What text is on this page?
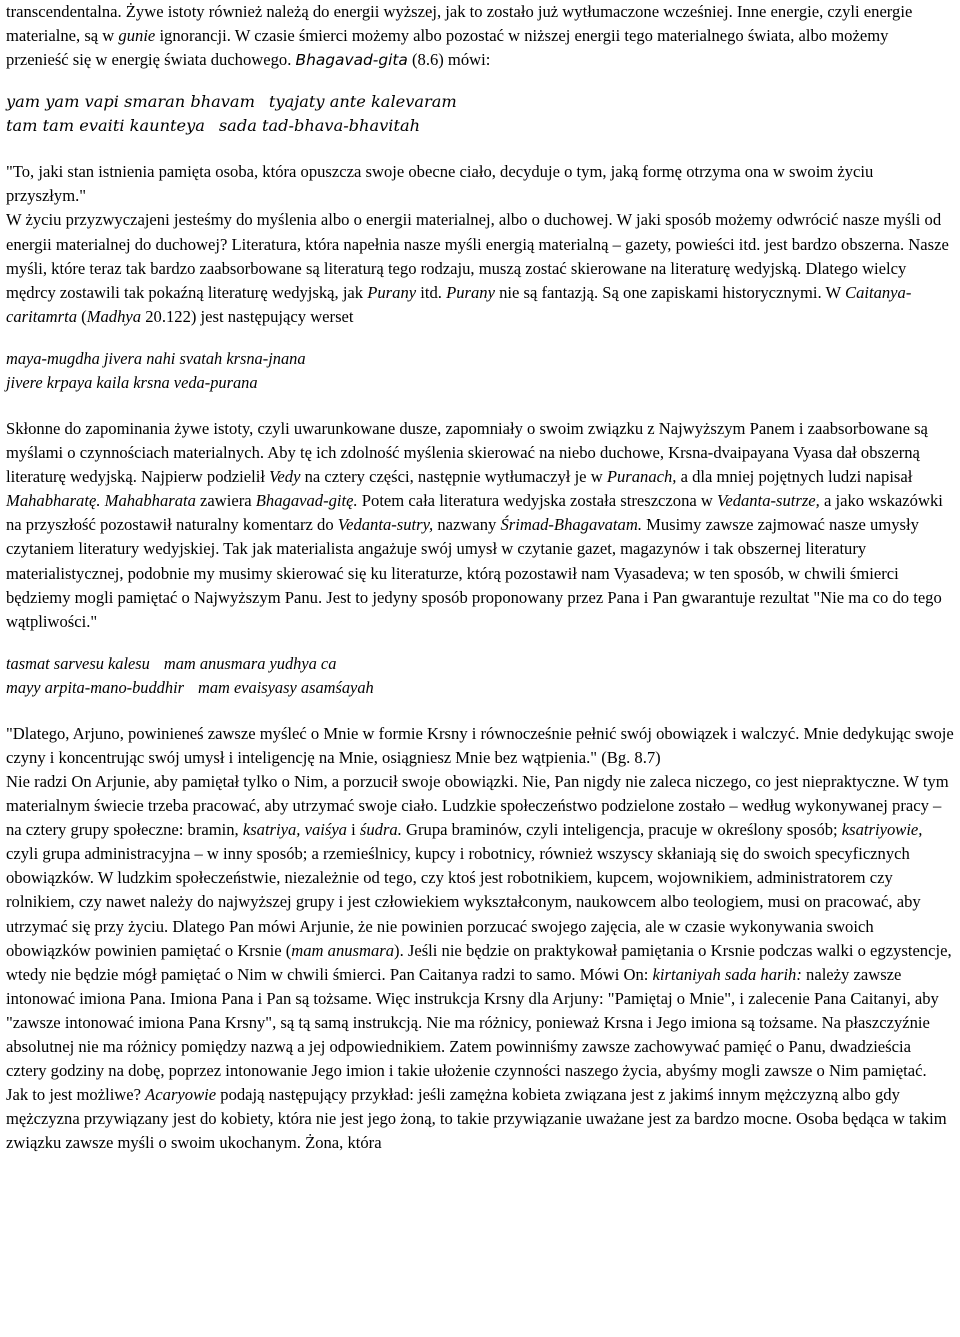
transcendentalna. Żywe istoty również należą do energii wyższej, jak to zostało już wytłumaczone wcześniej. Inne energie, czyli energie materialne, są w gunie ignorancji. W czasie śmierci możemy albo pozostać w niższej energii tego materialnego świata, albo możemy przenieść się w energię świata duchowego. Bhagavad-gita (8.6) mówi:

yam yam vapi smaran bhavam tyajaty ante kalevaram
tam tam evaiti kaunteya sada tad-bhava-bhavitah

"To, jaki stan istnienia pamięta osoba, która opuszcza swoje obecne ciało, decyduje o tym, jaką formę otrzyma ona w swoim życiu przyszłym."

W życiu przyzwyczajeni jesteśmy do myślenia albo o energii materialnej, albo o duchowej. W jaki sposób możemy odwrócić nasze myśli od energii materialnej do duchowej? Literatura, która napełnia nasze myśli energią materialną – gazety, powieści itd. jest bardzo obszerna. Nasze myśli, które teraz tak bardzo zaabsorbowane są literaturą tego rodzaju, muszą zostać skierowane na literaturę wedyjską. Dlatego wielcy mędrcy zostawili tak pokaźną literaturę wedyjską, jak Purany itd. Purany nie są fantazją. Są one zapiskami historycznymi. W Caitanya-caritamrta (Madhya 20.122) jest następujący werset

maya-mugdha jivera nahi svatah krsna-jnana
jivere krpaya kaila krsna veda-purana

Skłonne do zapominania żywe istoty, czyli uwarunkowane dusze, zapomniały o swoim związku z Najwyższym Panem i zaabsorbowane są myślami o czynnościach materialnych. Aby tę ich zdolność myślenia skierować na niebo duchowe, Krsna-dvaipayana Vyasa dał obszerną literaturę wedyjską. Najpierw podzielił Vedy na cztery części, następnie wytłumaczył je w Puranach, a dla mniej pojętnych ludzi napisał Mahabharatę. Mahabharata zawiera Bhagavad-gitę. Potem cała literatura wedyjska została streszczona w Vedanta-sutrze, a jako wskazówki na przyszłość pozostawił naturalny komentarz do Vedanta-sutry, nazwany Śrimad-Bhagavatam. Musimy zawsze zajmować nasze umysły czytaniem literatury wedyjskiej. Tak jak materialista angażuje swój umysł w czytanie gazet, magazynów i tak obszernej literatury materialistycznej, podobnie my musimy skierować się ku literaturze, którą pozostawił nam Vyasadeva; w ten sposób, w chwili śmierci będziemy mogli pamiętać o Najwyższym Panu. Jest to jedyny sposób proponowany przez Pana i Pan gwarantuje rezultat "Nie ma co do tego wątpliwości."

tasmat sarvesu kalesu mam anusmara yudhya ca
mayy arpita-mano-buddhir mam evaisyasy asamśayah

"Dlatego, Arjuno, powinieneś zawsze myśleć o Mnie w formie Krsny i równocześnie pełnić swój obowiązek i walczyć. Mnie dedykując swoje czyny i koncentrując swój umysł i inteligencję na Mnie, osiągniesz Mnie bez wątpienia." (Bg. 8.7)

Nie radzi On Arjunie, aby pamiętał tylko o Nim, a porzucił swoje obowiązki. Nie, Pan nigdy nie zaleca niczego, co jest niepraktyczne. W tym materialnym świecie trzeba pracować, aby utrzymać swoje ciało. Ludzkie społeczeństwo podzielone zostało – według wykonywanej pracy – na cztery grupy społeczne: bramin, ksatriya, vaiśya i śudra. Grupa braminów, czyli inteligencja, pracuje w określony sposób; ksatriyowie, czyli grupa administracyjna – w inny sposób; a rzemieślnicy, kupcy i robotnicy, również wszyscy skłaniają się do swoich specyficznych obowiązków. W ludzkim społeczeństwie, niezależnie od tego, czy ktoś jest robotnikiem, kupcem, wojownikiem, administratorem czy rolnikiem, czy nawet należy do najwyższej grupy i jest człowiekiem wykształconym, naukowcem albo teologiem, musi on pracować, aby utrzymać się przy życiu. Dlatego Pan mówi Arjunie, że nie powinien porzucać swojego zajęcia, ale w czasie wykonywania swoich obowiązków powinien pamiętać o Krsnie (mam anusmara). Jeśli nie będzie on praktykował pamiętania o Krsnie podczas walki o egzystencje, wtedy nie będzie mógł pamiętać o Nim w chwili śmierci. Pan Caitanya radzi to samo. Mówi On: kirtaniyah sada harih: należy zawsze intonować imiona Pana. Imiona Pana i Pan są tożsame. Więc instrukcja Krsny dla Arjuny: "Pamiętaj o Mnie", i zalecenie Pana Caitanyi, aby "zawsze intonować imiona Pana Krsny", są tą samą instrukcją. Nie ma różnicy, ponieważ Krsna i Jego imiona są tożsame. Na płaszczyźnie absolutnej nie ma różnicy pomiędzy nazwą a jej odpowiednikiem. Zatem powinniśmy zawsze zachowywać pamięć o Panu, dwadzieścia cztery godziny na dobę, poprzez intonowanie Jego imion i takie ułożenie czynności naszego życia, abyśmy mogli zawsze o Nim pamiętać.

Jak to jest możliwe? Acaryowie podają następujący przykład: jeśli zamężna kobieta związana jest z jakimś innym mężczyzną albo gdy mężczyzna przywiązany jest do kobiety, która nie jest jego żoną, to takie przywiązanie uważane jest za bardzo mocne. Osoba będąca w takim związku zawsze myśli o swoim ukochanym. Żona, która
